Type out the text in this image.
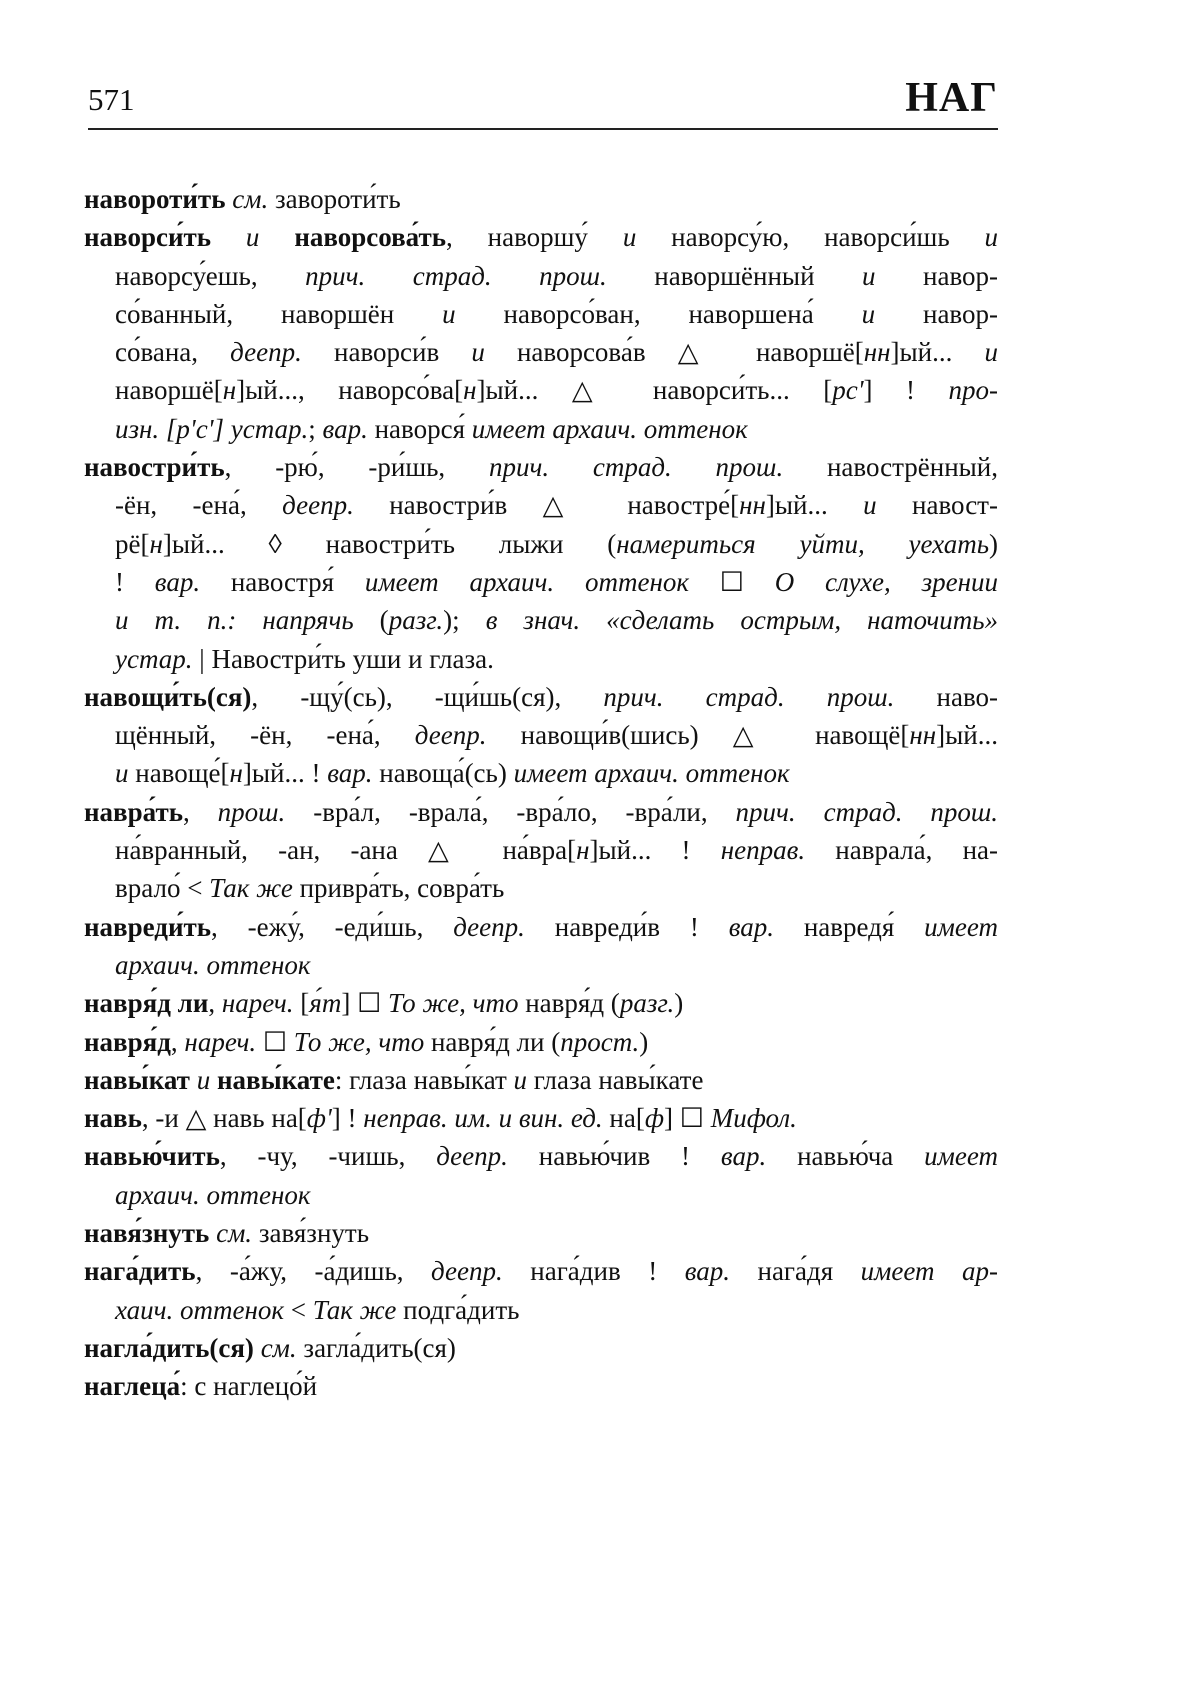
571	НАГ
навороти́ть см. завороти́ть
наворси́ть и наворсова́ть, наворшу́ и наворсу́ю, наворси́шь и
наворсу́ешь, прич. страд. прош. наворшённый и навор-
со́ванный, наворшён и наворсо́ван, наворшена́ и навор-
со́вана, деепр. наворси́в и наворсова́в △ наворшё[нн]ый... и
наворшё[н]ый..., наворсо́ва[н]ый... △ наворси́ть... [рсʹ] ! про-
изн. [рʹсʹ] устар.; вар. наворся́ имеет архаич. оттенок
навостри́ть, -рю́, -ри́шь, прич. страд. прош. навострённый,
-ён, -ена́, деепр. навостри́в △ навостре́[нн]ый... и навост-
рё[н]ый... ◊ навостри́ть лыжи (намериться уйти, уехать)
! вар. навостря́ имеет архаич. оттенок ☐ О слухе, зрении
и т. п.: напрячь (разг.); в знач. «сделать острым, наточить»
устар. | Навостри́ть уши и глаза.
навощи́ть(ся), -щу́(сь), -щи́шь(ся), прич. страд. прош. наво-
щённый, -ён, -ена́, деепр. навощи́в(шись) △ навощё[нн]ый...
и навоще́[н]ый... ! вар. навоща́(сь) имеет архаич. оттенок
навра́ть, прош. -вра́л, -врала́, -вра́ло, -вра́ли, прич. страд. прош.
на́вранный, -ан, -ана △ на́вра[н]ый... ! неправ. наврала́, на-
врало́ < Так же привра́ть, совра́ть
навреди́ть, -ежу́, -еди́шь, деепр. навреди́в ! вар. навредя́ имеет
архаич. оттенок
навря́д ли, нареч. [я́т] ☐ То же, что навря́д (разг.)
навря́д, нареч. ☐ То же, что навря́д ли (прост.)
навы́кат и навы́кате: глаза навы́кат и глаза навы́кате
навь, -и △ навь на[фʹ] ! неправ. им. и вин. ед. на[ф] ☐ Мифол.
навью́чить, -чу, -чишь, деепр. навью́чив ! вар. навью́ча имеет
архаич. оттенок
навя́знуть см. завя́знуть
нага́дить, -а́жу, -а́дишь, деепр. нага́див ! вар. нага́дя имеет ар-
хаич. оттенок < Так же подга́дить
нагла́дить(ся) см. загла́дить(ся)
наглеца́: с наглецо́й
